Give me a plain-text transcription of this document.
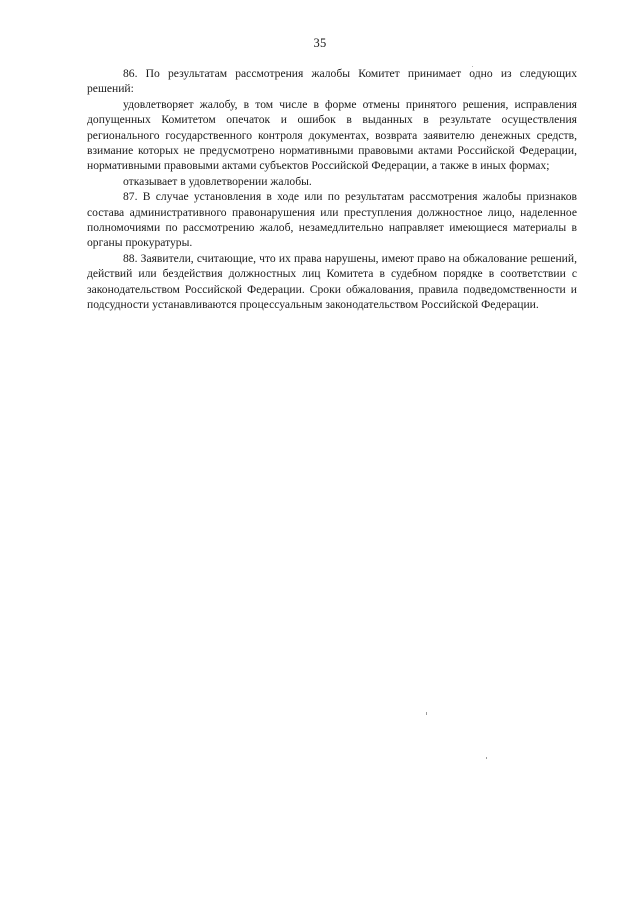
35

86. По результатам рассмотрения жалобы Комитет принимает одно из следующих решений:

удовлетворяет жалобу, в том числе в форме отмены принятого решения, исправления допущенных Комитетом опечаток и ошибок в выданных в результате осуществления регионального государственного контроля документах, возврата заявителю денежных средств, взимание которых не предусмотрено нормативными правовыми актами Российской Федерации, нормативными правовыми актами субъектов Российской Федерации, а также в иных формах;

отказывает в удовлетворении жалобы.

87. В случае установления в ходе или по результатам рассмотрения жалобы признаков состава административного правонарушения или преступления должностное лицо, наделенное полномочиями по рассмотрению жалоб, незамедлительно направляет имеющиеся материалы в органы прокуратуры.

88. Заявители, считающие, что их права нарушены, имеют право на обжалование решений, действий или бездействия должностных лиц Комитета в судебном порядке в соответствии с законодательством Российской Федерации. Сроки обжалования, правила подведомственности и подсудности устанавливаются процессуальным законодательством Российской Федерации.
